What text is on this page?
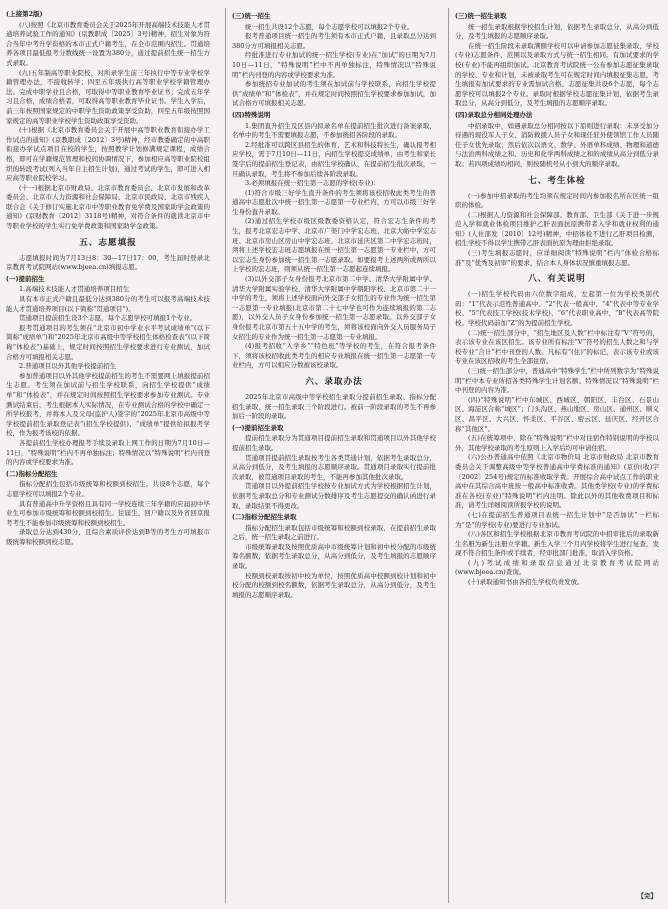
(上接第2版)

(八)按照《北京市教育委员会关于2025年开展高端技术技能人才贯通培养试验工作的通知》(京教职成〔2025〕3号)精神，招生对象为符合当年中考升学资格的本市正式户籍考生，在全市范围内招生。贯通培养各项目最低报考分数线统一设置为380分，通过提前招生统一招生方式录取。

(九)五年制高等职业院校，对所录学生前三年执行中等专业学校学籍管理办法，不接收转学；四至五年级执行高等职业学校学籍管理办法。完成中职学业且合格，可取得中等职业教育毕业证书；完成五年学习且合格，成绩合格者，可取得高等职业教育毕业证书。学生入学后，前三年按照国家规定的中职学生资助政策享受资助，四至五年级按照国家规定的高等职业学校学生资助政策享受资助。

(十)根据《北京市教育委员会关于开展中高等职业教育衔接办学工作试点的通知》(京教职成〔2012〕3号)精神，经市教委确定的中高职衔接办学试点项目在校的学生，按照教学计划修满规定课程，成绩合格，即可在学籍规范管理和校间协调情况下，参加相应高等职业院校组织的转段考试(列入当年自主招生计划)，通过考试的学生，即可进入相应高等职业院校学习。

(十一)根据北京市财政局、北京市教育委员会、北京市发展和改革委员会、北京市人力资源和社会保障局、北京市民政局、北京市残疾人联合会《关于修订实施北京市中等职业教育免学费及国家助学金政策的通知》(京财教育〔2012〕3118号)精神，对符合条件的就读北京市中等职业学校的学生实行免学费政策和国家助学金政策。

五、志愿填报

志愿填报时间为7月13日8：30—17日17：00，考生届时登录北京教育考试院网站(www.bjeea.cn)填报志愿。

(一)提前招生

1.高端技术技能人才贯通培养项目招生

具有本市正式户籍且最低分达到380分的考生可以报考高端技术技能人才贯通培养项目(以下简称“贯通项目”)。

贯通项目提前招生设3个志愿，每个志愿学校可填报1个专业。

报考贯通项目的考生须在“北京市初中学业水平考试成绩单”(以下简称“成绩单”)和“2025年北京市高级中等学校招生体格检查表”(以下简称“体检表”)基础上，规定时间按照招生学校要求进行专业测试，加试合格方可填报相关志愿。

2.普通项目以外其他学校提前招生

参加普通项目以外其他学校提前招生的考生不需要网上填报提前招生志愿。考生须在加试前与招生学校联系，向招生学校提供“成绩单”和“体检表”，并在规定时间按照招生学校要求参加专业测试。专业测试结束后，考生根据本人实际情况，在专业测试合格的学校中确定一所学校报考，并将本人及父母(监护人)签字的“2025年北京市高级中等学校提前招生录取登记表”(招生学校提供)、“成绩单”提供给拟报考学校，作为报考该校的依据。

各提前招生学校办理报考手续及录取上网工作的日期为7月10日—11日，“特殊说明”栏内不再单独标注；特殊情况以“特殊说明”栏内刊登的内容或学校要求为准。

(二)指标分配招生

指标分配招生包括市级统筹和校额到校招生。共设8个志愿，每个志愿学校可以填报2个专业。

具有普通高中升学资格且具有同一学校连续三年学籍的应届初中毕业生可参加市级统筹和校额到校招生。往届生、回户籍以及外省回京报考考生不能参加市级统筹和校额到校招生。

录取总分达到430分，且综合素质评价达到B等的考生方可填报市级统筹和校额到校志愿。

(三)统一招生

统一招生共设12个志愿，每个志愿学校可以填报2个专业。

报考普通项目统一招生的考生须有本市正式户籍，且录取总分达到380分方可填报相关志愿。

经批准进行专业加试的统一招生学校(专业)在“加试”的日期为7月10日—11日，“特殊说明”栏中不再单独标注，特殊情况以“特殊说明”栏内刊登的内容或学校要求为准。

参加统招专业加试的考生须在加试前与学校联系，向招生学校提供“成绩单”和“体检表”，并在规定时间按照招生学校要求参加加试，加试合格方可填报相关志愿。

(四)特殊说明

1.集团直升招生及区县内拟录名单在提前招生批次进行备案录取，名单中的考生不需要填报志愿，不参加统招各阶段的录取。

2.经批准可以跨区县招生的体育、艺术和科技特长生，确认报考相应学校，需于7月10日—11日，向招生学校提交成绩单，由考生和家长签字后的提前招生登记表，由招生学校确认，在提前招生批次录取，一旦确认录取，考生将不参加后续各阶段录取。

3.必须填报在统一招生第一志愿的学校(专业)：

(1)符合市级三好学生直升条件的考生须将该校招收此类考生的普通高中志愿批次中统一招生第一志愿第一专业栏内，方可以市级三好学生身份直升录取。

(2)通过招生学校市级区级教委资格认定，符合宏志生条件的考生，报考北京宏志中学、北京市广渠门中学宏志班、北京大峪中学宏志班、北京市房山区房山中学宏志班、北京市延庆区第二中学宏志班时，须将上述学校宏志班志愿填报在统一招生第一志愿第一专业栏中，方可以宏志生身份参加统一招生第一志愿录取。如要报考上述两所或两所以上学校的宏志班，则须从统一招生第一志愿起连续填报。

(3)以外交部子女身份报考北京市第二中学、清华大学附属中学、清华大学附属实验学校、清华大学附属中学朝阳学校、北京市第二十一中学的考生，须将上述学校面向外交部子女招生的专业作为统一招生第一志愿第一专业填报(北京市第二十七中学也可作为连续填报的第二志愿)，以外交人员子女身份参加统一招生第一志愿录取。以外交部子女身份报考北京市第五十五中学的考生，须将该校面向外交人员服务局子女招生的专业作为统一招生第一志愿第一专业填报。

(4)报考招收“入学乡”“特色班”等学校的考生，在符合报考条件下，须将该校招收此类考生的相应专业填报在统一招生第一志愿第一专业栏内，方可以相应分数被该校录取。

六、录取办法

2025年北京市高级中等学校招生录取分提前招生录取、指标分配招生录取、统一招生录取三个阶段进行。被前一阶段录取的考生不再参加后一阶段的录取。

(一)提前招生录取

提前招生录取分为贯通项目提前招生录取和贯通项目以外其他学校提前招生录取。

贯通项目提前招生录取按考生各类贯通计划，依据考生录取总分，从高分到低分，及考生填报的志愿顺序录取。贯通项目录取实行提前批次录取，被贯通项目录取的考生，不能再参加其他批次录取。

贯通项目以外提前招生学校按专业加试方式为学校根据招生计划，依据考生录取总分和专业测试分数排序及考生志愿提交的确认函进行录取，录取结果不得更改。

(二)指标分配招生录取

指标分配招生录取包括市级统筹和校额到校录取，在提前招生录取之后，统一招生录取之前进行。

市级统筹录取及按照优质高中市级统筹计划和初中校分配的市级统筹名额数，依据考生录取总分，从高分到低分，及考生填报的志愿顺序录取。

校额到校录取按初中校为单位，按照优质高中校额到校计划和初中校分配的校额到校名额数，依据考生录取总分，从高分到低分，及考生填报的志愿顺序录取。

(三)统一招生录取

统一招生录取根据学校招生计划，依据考生录取总分，从高分到低分，及考生填报的志愿顺序录取。

在统一招生阶段未录取满额学校可以申请参加志愿征集录取，学校(专业)志愿条件、范围以及录取方式与统一招生相同。有加试要求的学校(专业)不能再组织加试。北京教育考试院统一公布参加志愿征集录取的学校、专业和计划，未被录取考生可在规定时间内填报征集志愿，考生填报有加试要求的专业需加试合格。志愿征集共设6个志愿，每个志愿学校可以填报2个专业。录取时根据学校志愿征集计划，依据考生录取总分，从高分到低分，及考生填报的志愿顺序录取。

(四)录取总分相同处理办法

中招录取中，如遇录取总分相同按以下原则进行录取：未享受加分待遇的现役军人子女、消防救援人员子女和现任驻外使领馆工作人员随任子女优先录取；然后依次以语文、数学、外语单科成绩、物理和道德与法治两科成绩之和、历史和化学两科成绩之和的成绩从高分到低分录取；若四项成绩均相同，则按随机号从小到大的顺序录取。

七、考生体检

(一)参加中招录取的考生均须在规定时间内参加报名所在区统一组织的体检。

(二)根据人力资源和社会保障部、教育部、卫生部《关于进一步规范入学和就业体检项目维护乙肝表面抗原携带者入学和就业权利的通知》(人社部发〔2010〕12号)精神，中招体检不进行乙肝项目检测，招生学校不得以学生携带乙肝表面抗原为理由拒绝录取。

(三)考生填报志愿时，应详细阅读“特殊说明”栏内“体检合格标准”及“优秀及初审”的要求，结合本人身体状况慎重填报志愿。

八、有关说明

(一)招生学校代码由六位数字组成，左起第一位为学校类别代码：“1”代表示范性普通高中、“2”代表一般高中、“4”代表中等专业学校、“5”代表技工学校(技术学校)、“6”代表职业高中、“8”代表高等院校。学校代码前加“Z”的为提前招生学校。

(二)统一招生部分中，“招生地区及人数”栏中标注有“V”符号的，表示该专业在该区招生。该专业所有标注“V”符号的招生人数之和与学校专业“合计”栏中刊登的人数。凡标有“(住)”的标记，表示该专业或该专业在该区招收的考生全部住宿。

(三)统一招生部分中，普通高中“特殊学生”栏中所列数字为“特殊说明”栏中本专业所招各类特殊学生计划名额。特殊情况以“特殊说明”栏中刊登的内容为准。

(四)“特殊说明”栏中东城区、西城区、朝阳区、丰台区、石景山区、海淀区合称“城区”；门头沟区、燕山地区、房山区、通州区、顺义区、昌平区、大兴区、怀柔区、平谷区、密云区、延庆区、经开区合称“其他区”。

(五)在统筹项中，除在“特殊说明”栏中对住宿作特别说明的学校以外，其他学校录取的考生原则上入学后均可申请住宿。

(六)公办普通高中依照《北京市物价局 北京市财政局 北京市教育委员会关于调整高级中等学校普通高中学费标准的通知》(京价(收)字〔2002〕254号)规定的标准收取学费。开展综合高中试点工作的职业高中在其综合高中班按一般高中标准收费。其他类学校(专业)的学费标准在各校(专业)“特殊说明”栏内注明。除此以外的其他收费项目和标准，请考生详细阅读所报学校的说明。

(七)在提前招生普通项目表统一招生计划中“是否加试”一栏标为“是”的学校(专业)要进行专业加试。

(八)各区和招生学校根据北京市教育考试院的中招审批后的录取新生名册为新生注册立学籍。新生入学三个月内学校将学生进行复查，发现不符合招生条件或手续者，经审批部门批准，取消入学资格。

(九)考试成绩和录取信息通过北京教育考试院网站(www.bjeea.cn)查询。

(十)录取通知书由各招生学校负责发放。

【完】
